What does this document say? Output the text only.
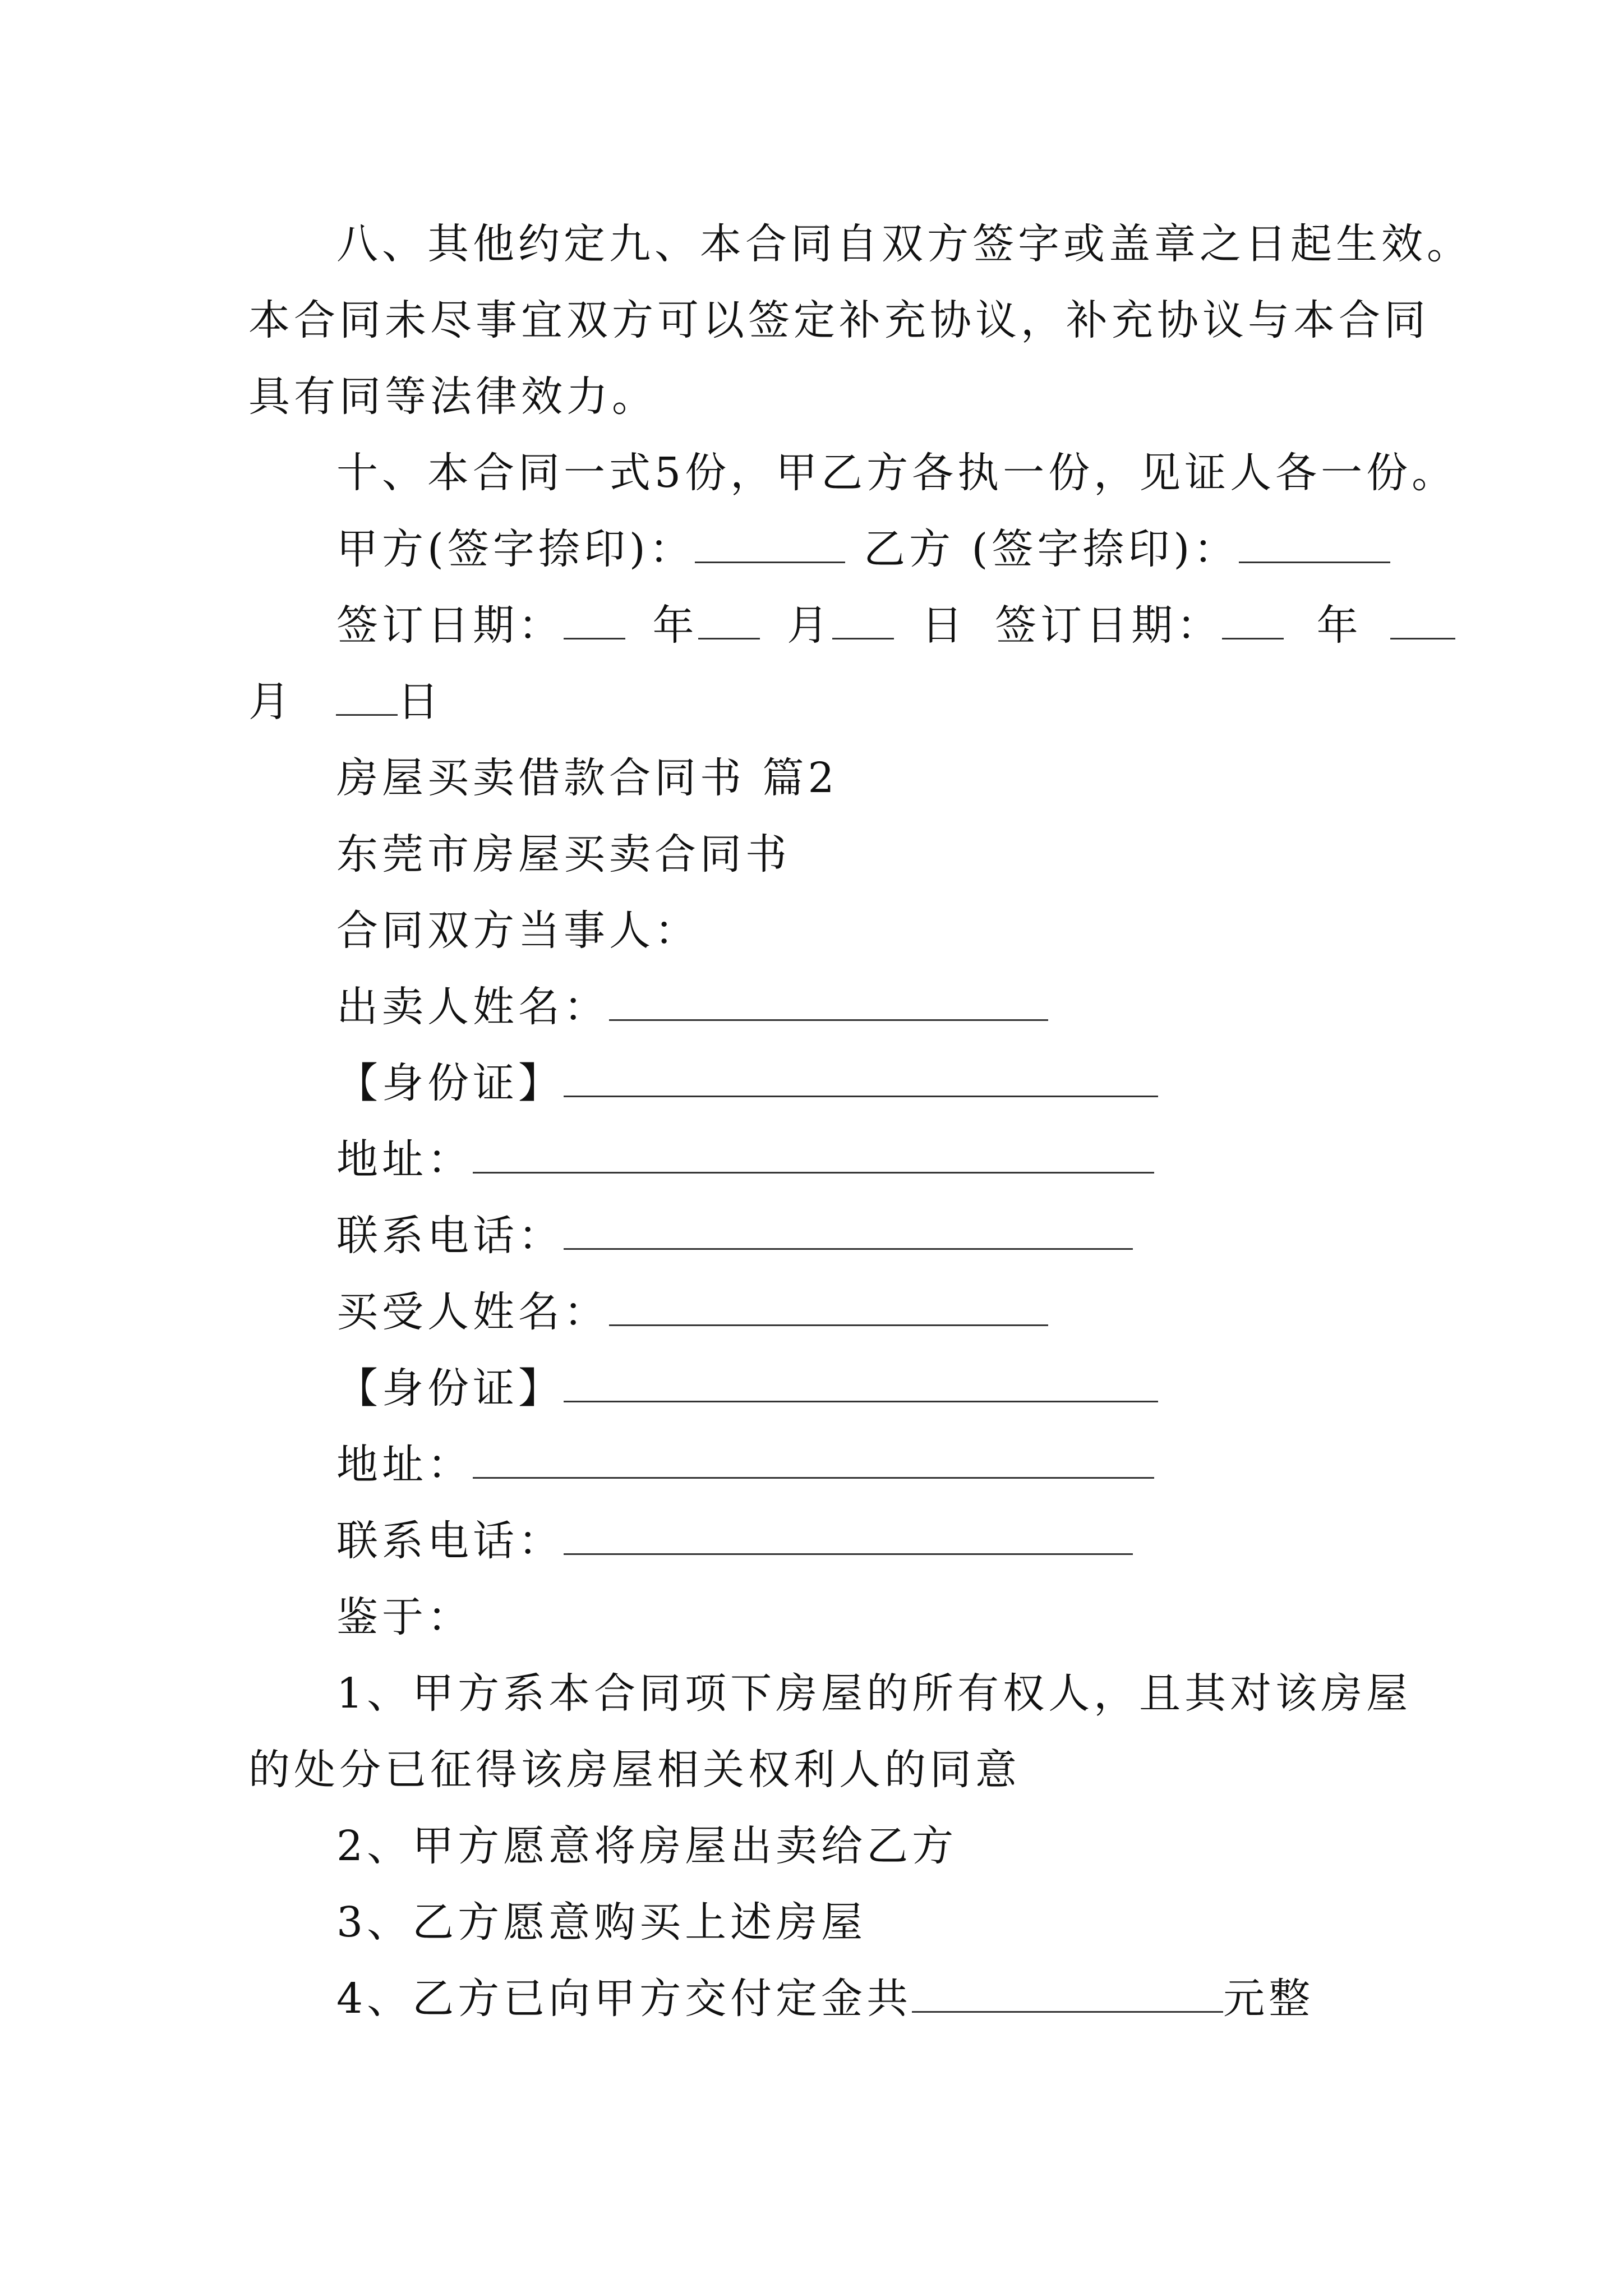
八、其他约定九、本合同自双方签字或盖章之日起生效。
本合同未尽事宜双方可以签定补充协议，补充协议与本合同
具有同等法律效力。
十、本合同一式5份，甲乙方各执一份，见证人各一份。
甲方(签字捺印)：	乙方 (签字捺印)：
签订日期： 年 月 日 签订日期： 年
月 日
房屋买卖借款合同书 篇2
东莞市房屋买卖合同书
合同双方当事人：
出卖人姓名：
【身份证】
地址：
联系电话：
买受人姓名：
【身份证】
地址：
联系电话：
鉴于：
1、甲方系本合同项下房屋的所有权人，且其对该房屋
的处分已征得该房屋相关权利人的同意
2、甲方愿意将房屋出卖给乙方
3、乙方愿意购买上述房屋
4、乙方已向甲方交付定金共	元整
